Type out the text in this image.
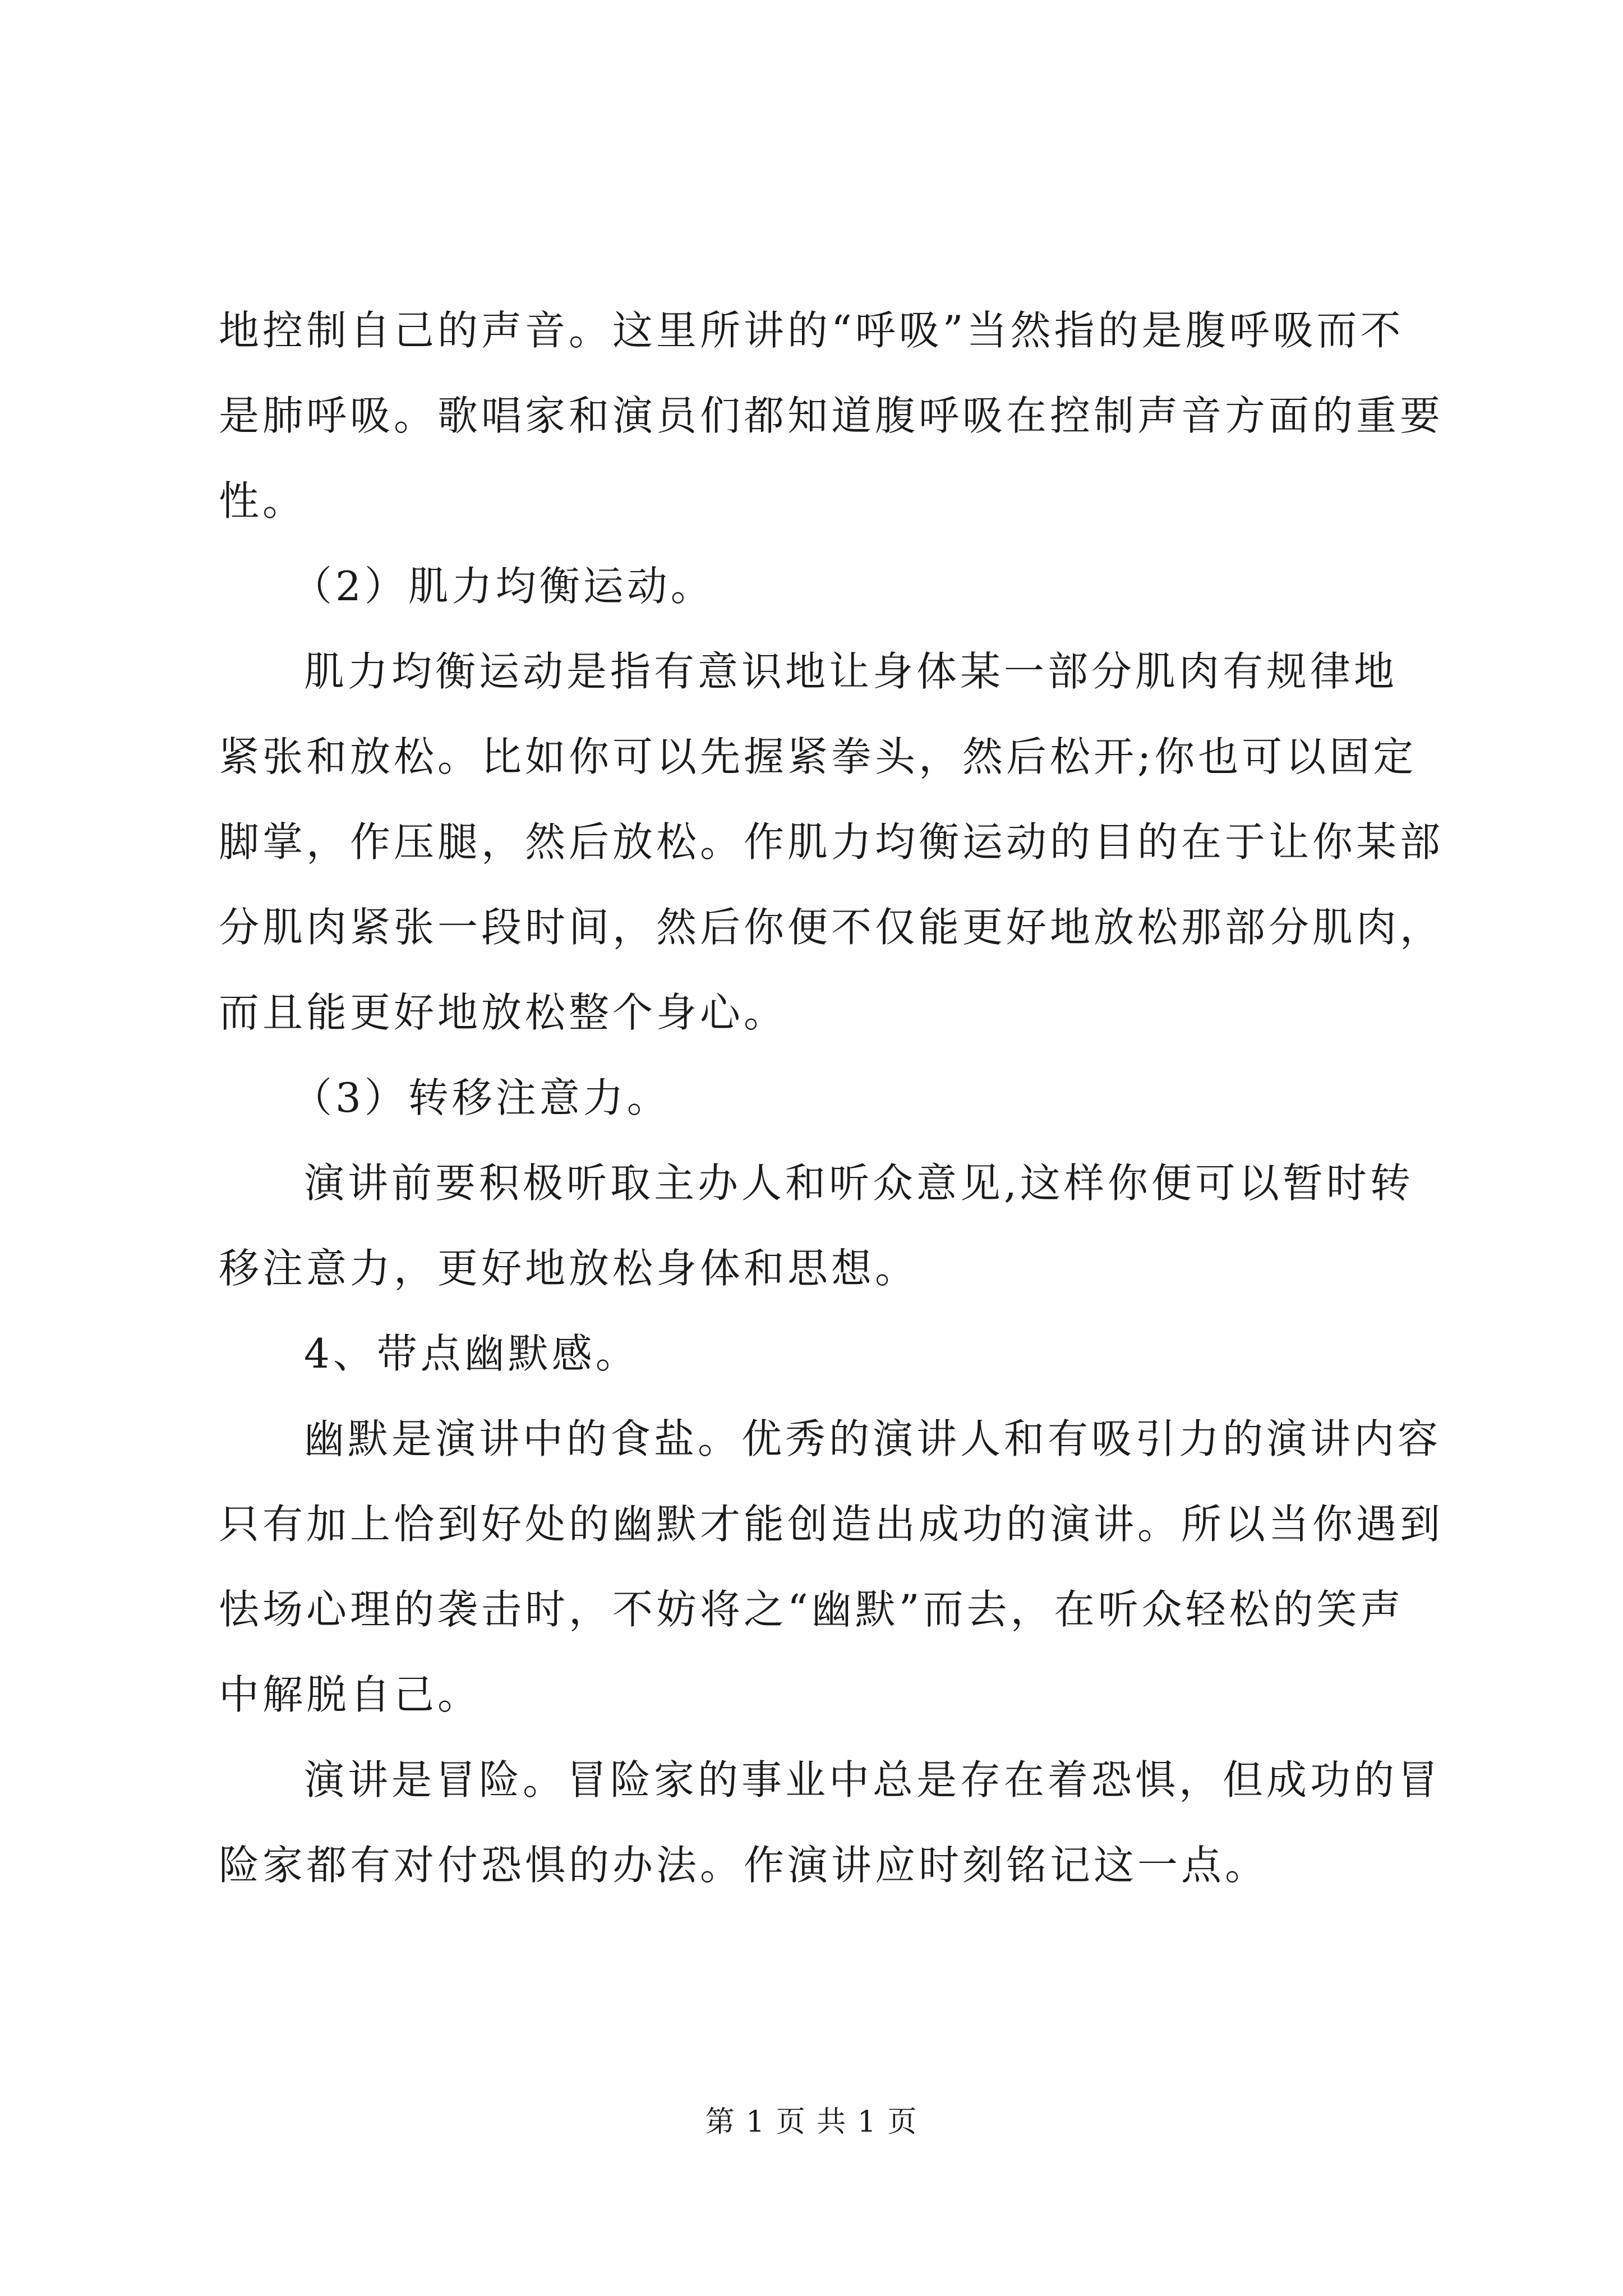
地控制自己的声音。这里所讲的“呼吸”当然指的是腹呼吸而不
是肺呼吸。歌唱家和演员们都知道腹呼吸在控制声音方面的重要
性。
（2）肌力均衡运动。
肌力均衡运动是指有意识地让身体某一部分肌肉有规律地
紧张和放松。比如你可以先握紧拳头，然后松开;你也可以固定
脚掌，作压腿，然后放松。作肌力均衡运动的目的在于让你某部
分肌肉紧张一段时间，然后你便不仅能更好地放松那部分肌肉，
而且能更好地放松整个身心。
（3）转移注意力。
演讲前要积极听取主办人和听众意见,这样你便可以暂时转
移注意力，更好地放松身体和思想。
4、带点幽默感。
幽默是演讲中的食盐。优秀的演讲人和有吸引力的演讲内容
只有加上恰到好处的幽默才能创造出成功的演讲。所以当你遇到
怯场心理的袭击时，不妨将之“幽默”而去，在听众轻松的笑声
中解脱自己。
演讲是冒险。冒险家的事业中总是存在着恐惧，但成功的冒
险家都有对付恐惧的办法。作演讲应时刻铭记这一点。
第 1 页 共 1 页
